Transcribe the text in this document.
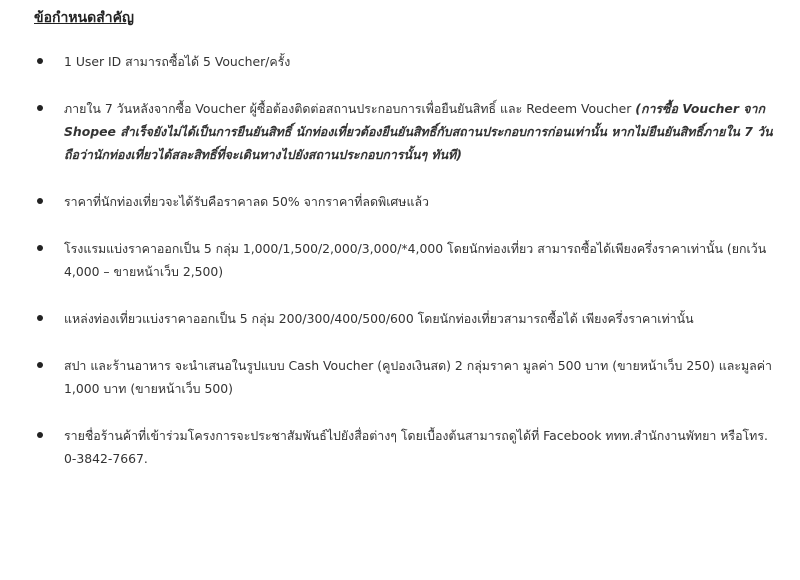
ข้อกำหนดสำคัญ
1 User ID สามารถซื้อได้ 5 Voucher/ครั้ง
ภายใน 7 วันหลังจากซื้อ Voucher ผู้ซื้อต้องติดต่อสถานประกอบการเพื่อยืนยันสิทธิ์ และ Redeem Voucher (การซื้อ Voucher จาก Shopee สำเร็จยังไม่ได้เป็นการยืนยันสิทธิ์ นักท่องเที่ยวต้องยืนยันสิทธิ์กับสถานประกอบการก่อนเท่านั้น หากไม่ยืนยันสิทธิ์ภายใน 7 วัน ถือว่านักท่องเที่ยวได้สละสิทธิ์ที่จะเดินทางไปยังสถานประกอบการนั้นๆ ทันที)
ราคาที่นักท่องเที่ยวจะได้รับคือราคาลด 50% จากราคาที่ลดพิเศษแล้ว
โรงแรมแบ่งราคาออกเป็น 5 กลุ่ม 1,000/1,500/2,000/3,000/*4,000 โดยนักท่องเที่ยว สามารถซื้อได้เพียงครึ่งราคาเท่านั้น (ยกเว้น 4,000 – ขายหน้าเว็บ 2,500)
แหล่งท่องเที่ยวแบ่งราคาออกเป็น 5 กลุ่ม 200/300/400/500/600 โดยนักท่องเที่ยวสามารถซื้อได้ เพียงครึ่งราคาเท่านั้น
สปา และร้านอาหาร จะนำเสนอในรูปแบบ Cash Voucher (คูปองเงินสด) 2 กลุ่มราคา มูลค่า 500 บาท (ขายหน้าเว็บ 250) และมูลค่า 1,000 บาท (ขายหน้าเว็บ 500)
รายชื่อร้านค้าที่เข้าร่วมโครงการจะประชาสัมพันธ์ไปยังสื่อต่างๆ โดยเบื้องต้นสามารถดูได้ที่ Facebook ททท.สำนักงานพัทยา หรือโทร. 0-3842-7667.
